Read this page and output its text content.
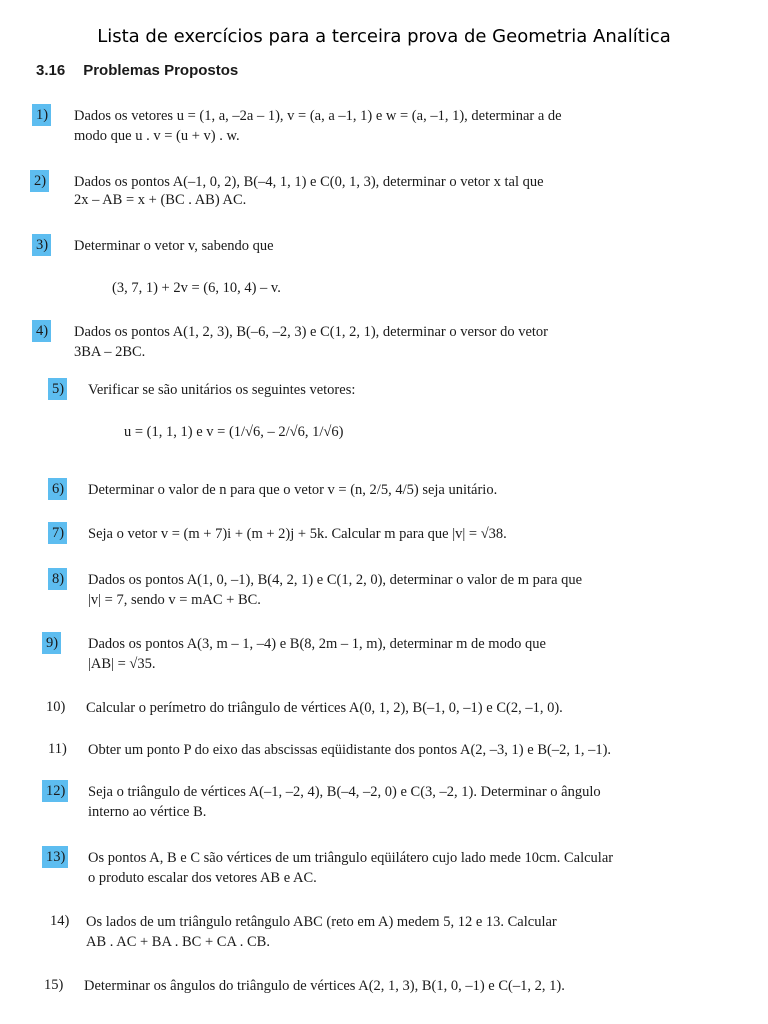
Lista de exercícios para a terceira prova de Geometria Analítica
3.16 Problemas Propostos
1) Dados os vetores u = (1, a, –2a – 1), v = (a, a –1, 1) e w = (a, –1, 1), determinar a de
modo que u . v = (u + v) . w.
2) Dados os pontos A(–1, 0, 2), B(–4, 1, 1) e C(0, 1, 3), determinar o vetor x tal que
2x – AB = x + (BC . AB) AC.
3) Determinar o vetor v, sabendo que
(3, 7, 1) + 2v = (6, 10, 4) – v.
4) Dados os pontos A(1, 2, 3), B(–6, –2, 3) e C(1, 2, 1), determinar o versor do vetor
3BA – 2BC.
5) Verificar se são unitários os seguintes vetores:
u = (1, 1, 1) e v = (1/√6, – 2/√6, 1/√6)
6) Determinar o valor de n para que o vetor v = (n, 2/5, 4/5) seja unitário.
7) Seja o vetor v = (m + 7)i + (m + 2)j + 5k. Calcular m para que |v| = √38.
8) Dados os pontos A(1, 0, –1), B(4, 2, 1) e C(1, 2, 0), determinar o valor de m para que
|v| = 7, sendo v = mAC + BC.
9) Dados os pontos A(3, m – 1, –4) e B(8, 2m – 1, m), determinar m de modo que
|AB| = √35.
10) Calcular o perímetro do triângulo de vértices A(0, 1, 2), B(–1, 0, –1) e C(2, –1, 0).
11) Obter um ponto P do eixo das abscissas eqüidistante dos pontos A(2, –3, 1) e B(–2, 1, –1).
12) Seja o triângulo de vértices A(–1, –2, 4), B(–4, –2, 0) e C(3, –2, 1). Determinar o ângulo
interno ao vértice B.
13) Os pontos A, B e C são vértices de um triângulo eqüilátero cujo lado mede 10cm. Calcular
o produto escalar dos vetores AB e AC.
14) Os lados de um triângulo retângulo ABC (reto em A) medem 5, 12 e 13. Calcular
AB . AC + BA . BC + CA . CB.
15) Determinar os ângulos do triângulo de vértices A(2, 1, 3), B(1, 0, –1) e C(–1, 2, 1).
